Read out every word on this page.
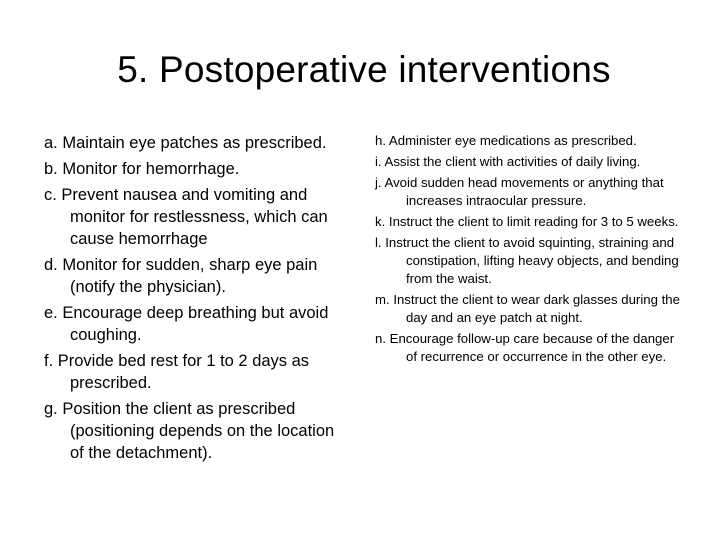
5. Postoperative interventions
a. Maintain eye patches as prescribed.
b. Monitor for hemorrhage.
c. Prevent nausea and vomiting and monitor for restlessness, which can cause hemorrhage
d. Monitor for sudden, sharp eye pain (notify the physician).
e. Encourage deep breathing but avoid coughing.
f. Provide bed rest for 1 to 2 days as prescribed.
g. Position the client as prescribed (positioning depends on the location of the detachment).
h. Administer eye medications as prescribed.
i. Assist the client with activities of daily living.
j. Avoid sudden head movements or anything that increases intraocular pressure.
k. Instruct the client to limit reading for 3 to 5 weeks.
l. Instruct the client to avoid squinting, straining and constipation, lifting heavy objects, and bending from the waist.
m. Instruct the client to wear dark glasses during the day and an eye patch at night.
n. Encourage follow-up care because of the danger of recurrence or occurrence in the other eye.
